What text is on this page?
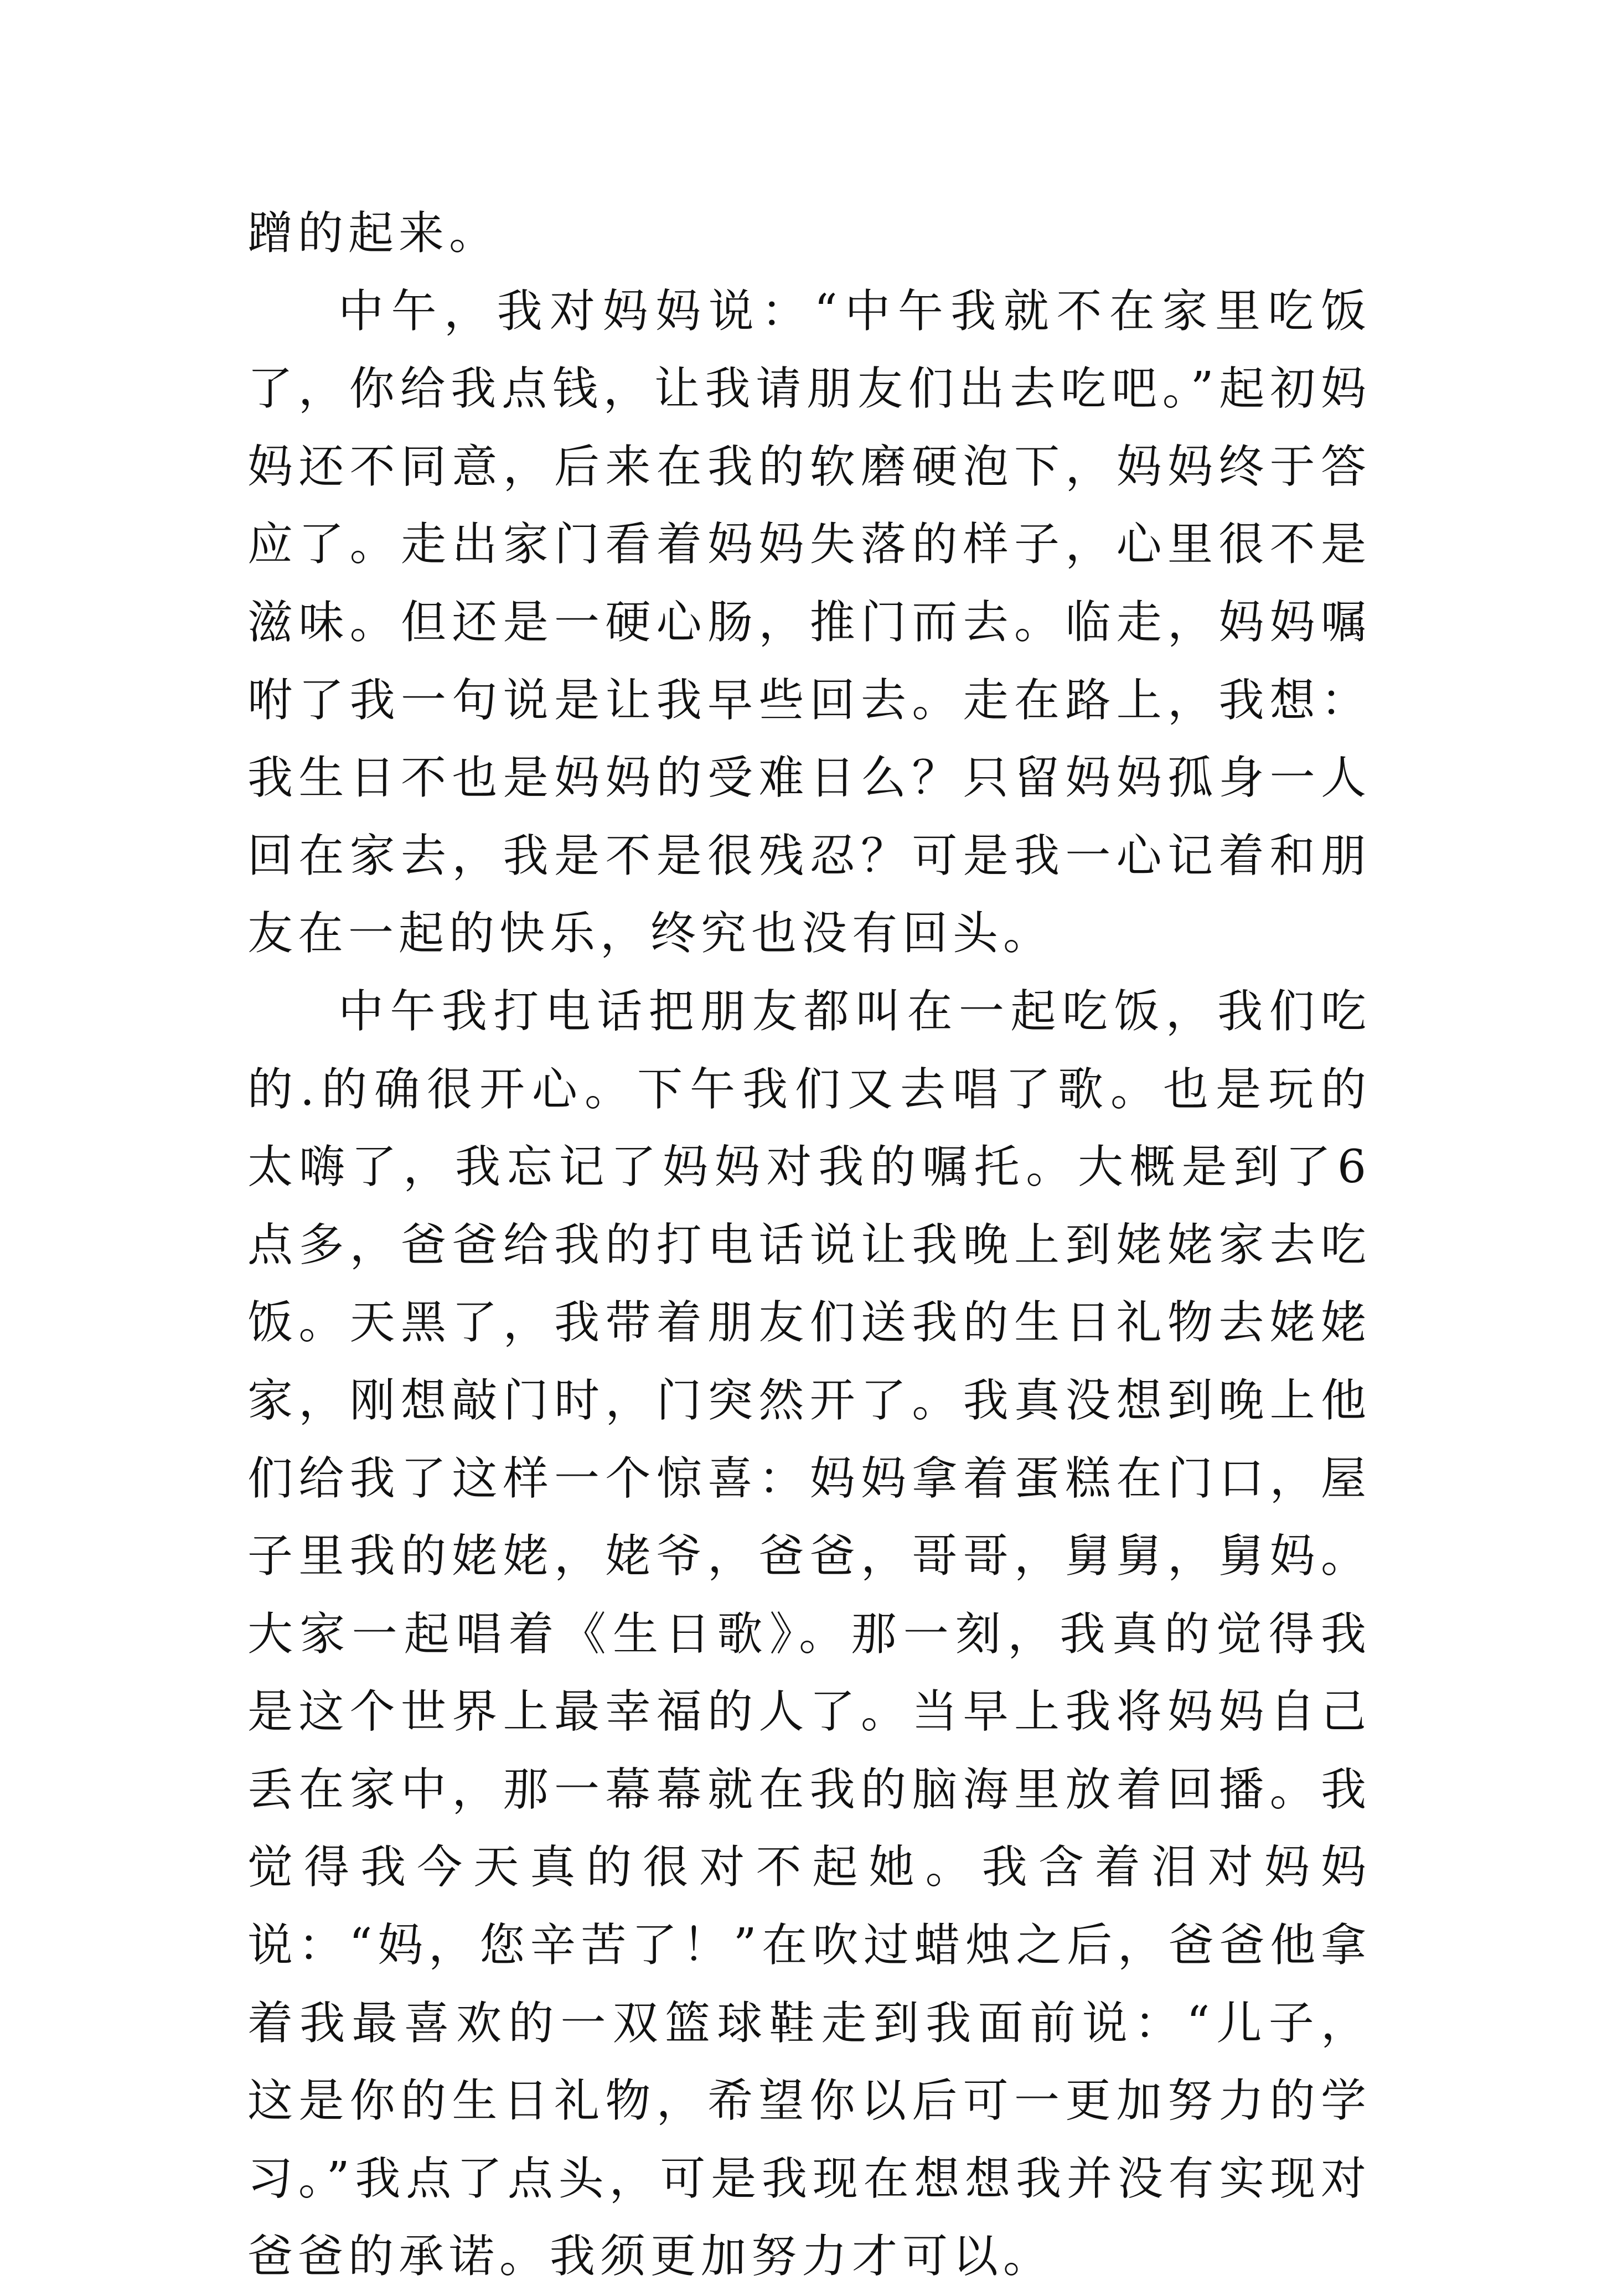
蹭的起来。

中午，我对妈妈说：“中午我就不在家里吃饭了，你给我点钱，让我请朋友们出去吃吧。”起初妈妈还不同意，后来在我的软磨硬泡下，妈妈终于答应了。走出家门看着妈妈失落的样子，心里很不是滋味。但还是一硬心肠，推门而去。临走，妈妈嘱咐了我一句说是让我早些回去。走在路上，我想：我生日不也是妈妈的受难日么？只留妈妈孤身一人回在家去，我是不是很残忍？可是我一心记着和朋友在一起的快乐，终究也没有回头。

中午我打电话把朋友都叫在一起吃饭，我们吃的.的确很开心。下午我们又去唱了歌。也是玩的太嗨了，我忘记了妈妈对我的嘱托。大概是到了6点多，爸爸给我的打电话说让我晚上到姥姥家去吃饭。天黑了，我带着朋友们送我的生日礼物去姥姥家，刚想敲门时，门突然开了。我真没想到晚上他们给我了这样一个惊喜：妈妈拿着蛋糕在门口，屋子里我的姥姥，姥爷，爸爸，哥哥，舅舅，舅妈。大家一起唱着《生日歌》。那一刻，我真的觉得我是这个世界上最幸福的人了。当早上我将妈妈自己丢在家中，那一幕幕就在我的脑海里放着回播。我觉得我今天真的很对不起她。我含着泪对妈妈说：“妈，您辛苦了！”在吹过蜡烛之后，爸爸他拿着我最喜欢的一双篮球鞋走到我面前说：“儿子，这是你的生日礼物，希望你以后可一更加努力的学习。”我点了点头，可是我现在想想我并没有实现对爸爸的承诺。我须更加努力才可以。
